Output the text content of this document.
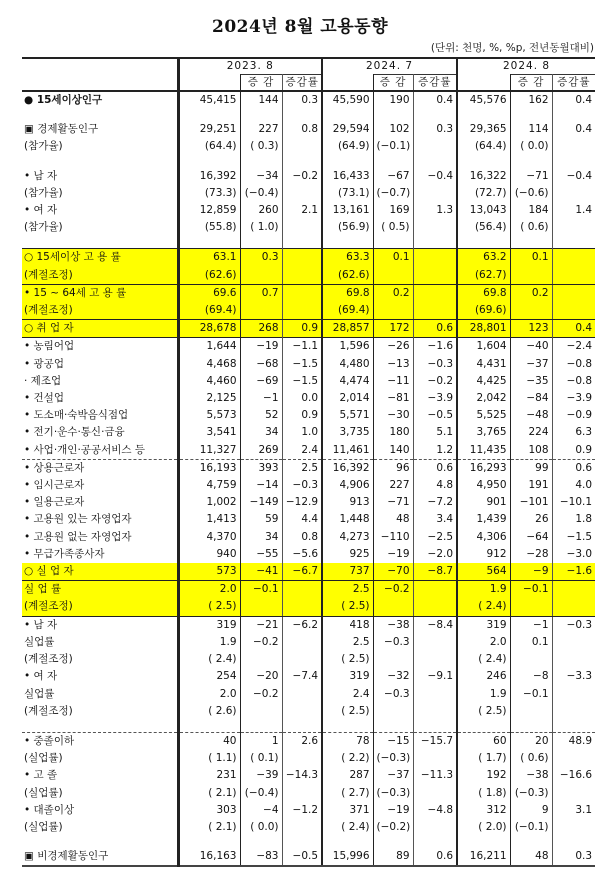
2024년 8월 고용동향
(단위: 천명, %, %p, 전년동월대비)
	2023. 8			2024. 7			2024. 8		
		증 감	증감률		증 감	증감률		증 감	증감률
● 15세이상인구	45,415	144	0.3	45,590	190	0.4	45,576	162	0.4

▣ 경제활동인구	29,251	227	0.8	29,594	102	0.3	29,365	114	0.4
(참가율)	(64.4)	( 0.3)		(64.9)	(−0.1)		(64.4)	( 0.0)	

• 남 자	16,392	−34	−0.2	16,433	−67	−0.4	16,322	−71	−0.4
(참가율)	(73.3)	(−0.4)		(73.1)	(−0.7)		(72.7)	(−0.6)	
• 여 자	12,859	260	2.1	13,161	169	1.3	13,043	184	1.4
(참가율)	(55.8)	( 1.0)		(56.9)	( 0.5)		(56.4)	( 0.6)	

○ 15세이상 고 용 률	63.1	0.3		63.3	0.1		63.2	0.1	
(계절조정)	(62.6)			(62.6)			(62.7)		
• 15 ~ 64세 고 용 률	69.6	0.7		69.8	0.2		69.8	0.2	
(계절조정)	(69.4)			(69.4)			(69.6)		
○ 취 업 자	28,678	268	0.9	28,857	172	0.6	28,801	123	0.4
• 농림어업	1,644	−19	−1.1	1,596	−26	−1.6	1,604	−40	−2.4
• 광공업	4,468	−68	−1.5	4,480	−13	−0.3	4,431	−37	−0.8
· 제조업	4,460	−69	−1.5	4,474	−11	−0.2	4,425	−35	−0.8
• 건설업	2,125	−1	0.0	2,014	−81	−3.9	2,042	−84	−3.9
• 도소매·숙박음식점업	5,573	52	0.9	5,571	−30	−0.5	5,525	−48	−0.9
• 전기·운수·통신·금융	3,541	34	1.0	3,735	180	5.1	3,765	224	6.3
• 사업·개인·공공서비스 등	11,327	269	2.4	11,461	140	1.2	11,435	108	0.9
• 상용근로자	16,193	393	2.5	16,392	96	0.6	16,293	99	0.6
• 임시근로자	4,759	−14	−0.3	4,906	227	4.8	4,950	191	4.0
• 일용근로자	1,002	−149	−12.9	913	−71	−7.2	901	−101	−10.1
• 고용원 있는 자영업자	1,413	59	4.4	1,448	48	3.4	1,439	26	1.8
• 고용원 없는 자영업자	4,370	34	0.8	4,273	−110	−2.5	4,306	−64	−1.5
• 무급가족종사자	940	−55	−5.6	925	−19	−2.0	912	−28	−3.0
○ 실 업 자	573	−41	−6.7	737	−70	−8.7	564	−9	−1.6
실 업 률	2.0	−0.1		2.5	−0.2		1.9	−0.1	
(계절조정)	( 2.5)			( 2.5)			( 2.4)		
• 남 자	319	−21	−6.2	418	−38	−8.4	319	−1	−0.3
실업률	1.9	−0.2		2.5	−0.3		2.0	0.1	
(계절조정)	( 2.4)			( 2.5)			( 2.4)		
• 여 자	254	−20	−7.4	319	−32	−9.1	246	−8	−3.3
실업률	2.0	−0.2		2.4	−0.3		1.9	−0.1	
(계절조정)	( 2.6)			( 2.5)			( 2.5)		

• 중졸이하	40	1	2.6	78	−15	−15.7	60	20	48.9
(실업률)	( 1.1)	( 0.1)		( 2.2)	(−0.3)		( 1.7)	( 0.6)	
• 고 졸	231	−39	−14.3	287	−37	−11.3	192	−38	−16.6
(실업률)	( 2.1)	(−0.4)		( 2.7)	(−0.3)		( 1.8)	(−0.3)	
• 대졸이상	303	−4	−1.2	371	−19	−4.8	312	9	3.1
(실업률)	( 2.1)	( 0.0)		( 2.4)	(−0.2)		( 2.0)	(−0.1)	

▣ 비경제활동인구	16,163	−83	−0.5	15,996	89	0.6	16,211	48	0.3
